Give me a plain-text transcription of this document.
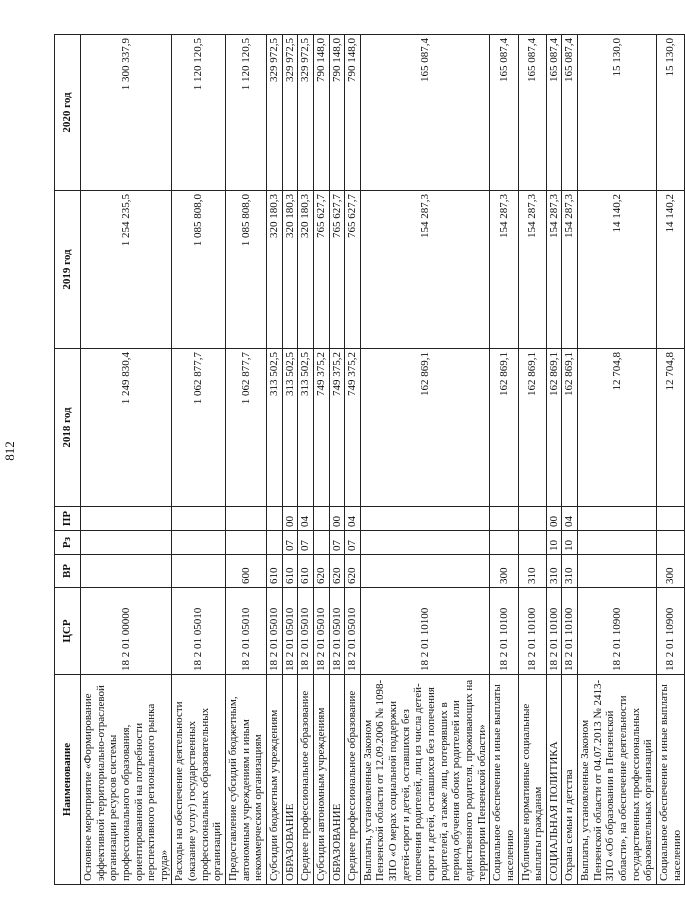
812
Наименование	ЦСР	ВР	Рз	ПР	2018 год	2019 год	2020 год
Основное мероприятие «Формирование эффективной территориально-отраслевой организации ресурсов системы профессионального образования, ориентированной на потребности перспективного регионального рынка труда»	18 2 01 00000				1 249 830,4	1 254 235,5	1 300 337,9
Расходы на обеспечение деятельности (оказание услуг) государственных профессиональных образовательных организаций	18 2 01 05010				1 062 877,7	1 085 808,0	1 120 120,5
Предоставление субсидий бюджетным, автономным учреждениям и иным некоммерческим организациям	18 2 01 05010	600			1 062 877,7	1 085 808,0	1 120 120,5
Субсидии бюджетным учреждениям	18 2 01 05010	610			313 502,5	320 180,3	329 972,5
ОБРАЗОВАНИЕ	18 2 01 05010	610	07	00	313 502,5	320 180,3	329 972,5
Среднее профессиональное образование	18 2 01 05010	610	07	04	313 502,5	320 180,3	329 972,5
Субсидии автономным учреждениям	18 2 01 05010	620			749 375,2	765 627,7	790 148,0
ОБРАЗОВАНИЕ	18 2 01 05010	620	07	00	749 375,2	765 627,7	790 148,0
Среднее профессиональное образование	18 2 01 05010	620	07	04	749 375,2	765 627,7	790 148,0
Выплаты, установленные Законом Пензенской области от 12.09.2006 № 1098-ЗПО «О мерах социальной поддержки детей-сирот и детей, оставшихся без попечения родителей, лиц из числа детей-сирот и детей, оставшихся без попечения родителей, а также лиц, потерявших в период обучения обоих родителей или единственного родителя, проживающих на территории Пензенской области»	18 2 01 10100				162 869,1	154 287,3	165 087,4
Социальное обеспечение и иные выплаты населению	18 2 01 10100	300			162 869,1	154 287,3	165 087,4
Публичные нормативные социальные выплаты гражданам	18 2 01 10100	310			162 869,1	154 287,3	165 087,4
СОЦИАЛЬНАЯ ПОЛИТИКА	18 2 01 10100	310	10	00	162 869,1	154 287,3	165 087,4
Охрана семьи и детства	18 2 01 10100	310	10	04	162 869,1	154 287,3	165 087,4
Выплаты, установленные Законом Пензенской области от 04.07.2013 № 2413-ЗПО «Об образовании в Пензенской области», на обеспечение деятельности государственных профессиональных образовательных организаций	18 2 01 10900				12 704,8	14 140,2	15 130,0
Социальное обеспечение и иные выплаты населению	18 2 01 10900	300			12 704,8	14 140,2	15 130,0
